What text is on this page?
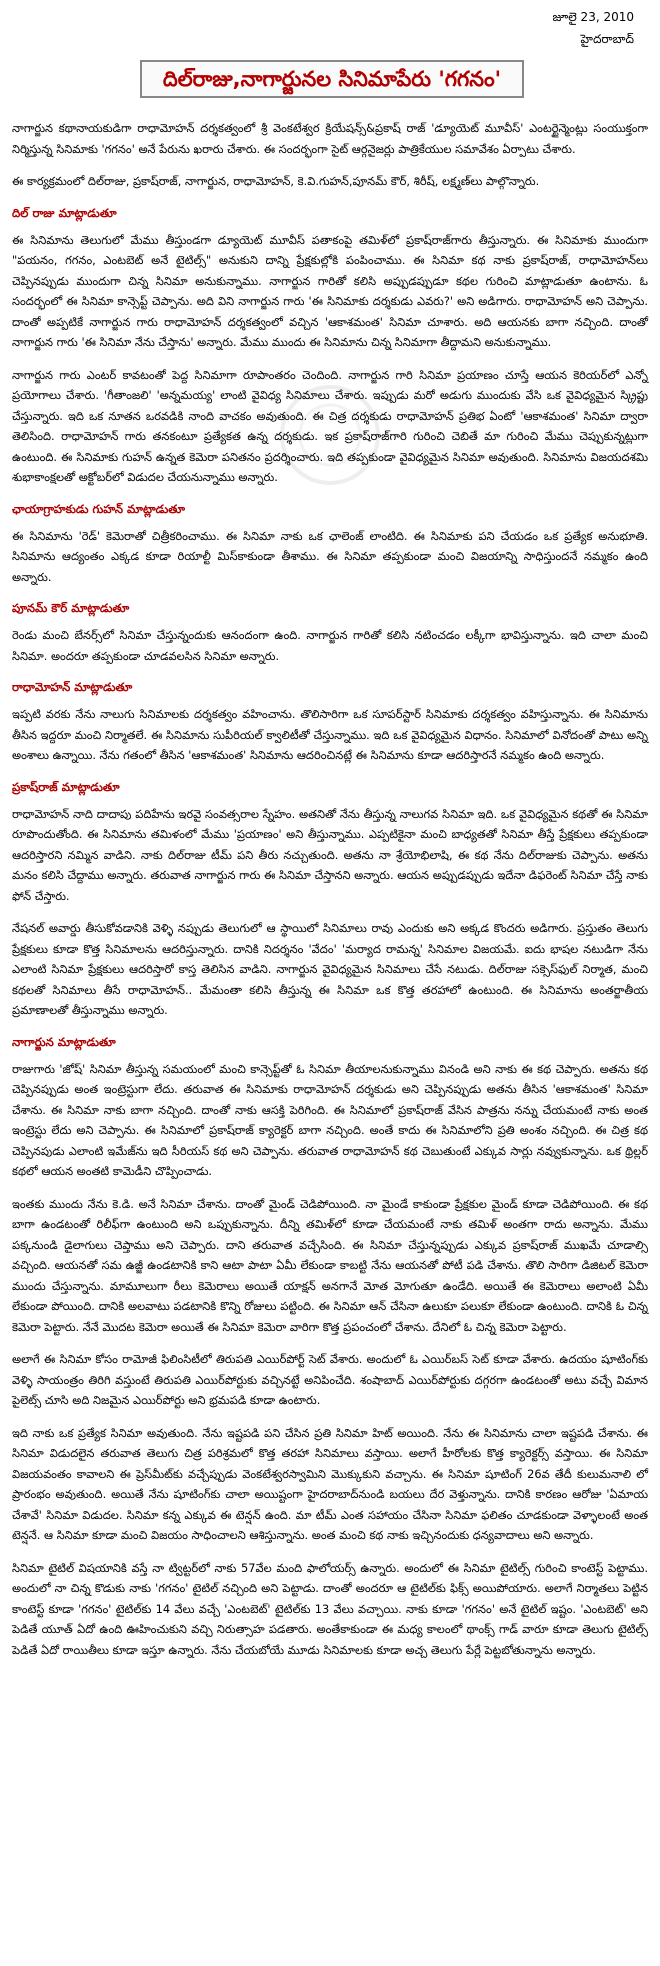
జూలై 23, 2010
హైదరాబాద్
దిల్‌రాజు,నాగార్జునల సినిమాపేరు 'గగనం'
నాగార్జున కథానాయకుడిగా రాధామోహన్ దర్శకత్వంలో శ్రీ వెంకటేశ్వర క్రియేషన్స్&ప్రకాష్ రాజ్ 'డ్యూయెట్ మూవీస్' ఎంటర్టైన్మెంట్లు సంయుక్తంగా నిర్మిస్తున్న సినిమాకు 'గగనం' అనే పేరును ఖరారు చేశారు. ఈ సందర్భంగా సైట్ ఆర్గనైజర్లు పాత్రికేయుల సమావేశం ఏర్పాటు చేశారు.
ఈ కార్యక్రమంలో దిల్‌రాజు, ప్రకాష్‌రాజ్, నాగార్జున, రాధామోహన్, కె.వి.గుహన్,పూనమ్ కౌర్, శిరీష్, లక్ష్మణ్‌లు పాల్గొన్నారు.
దిల్ రాజు మాట్లాడుతూ
ఈ సినిమాను తెలుగులో మేము తీస్తుండగా డ్యూయెట్ మూవీస్ పతాకంపై తమిళ్‌లో ప్రకాష్‌రాజ్‌గారు తీస్తున్నారు. ఈ సినిమాకు ముందుగా "పయనం, గగనం, ఎంటబెట్ అనే టైటిల్స్" అనుకుని దాన్ని ప్రేక్షకుల్లోకి పంపించాము. ఈ సినిమా కథ నాకు ప్రకాష్‌రాజ్, రాధామోహన్‌లు చెప్పినప్పుడు ముందుగా చిన్న సినిమా అనుకున్నాము. నాగార్జున గారితో కలిసి అప్పుడప్పుడూ కథల గురించి మాట్లాడుతూ ఉంటాను. ఓ సందర్భంలో ఈ సినిమా కాన్సెప్ట్ చెప్పాను. అది విని నాగార్జున గారు 'ఈ సినిమాకు దర్శకుడు ఎవరు?' అని అడిగారు. రాధామోహన్ అని చెప్పాను. దాంతో అప్పటికే నాగార్జున గారు రాధామోహన్ దర్శకత్వంలో వచ్చిన 'ఆకాశమంత' సినిమా చూశారు. అది ఆయనకు బాగా నచ్చింది. దాంతో నాగార్జున గారు 'ఈ సినిమా నేను చేస్తాను' అన్నారు. మేము ముందు ఈ సినిమాను చిన్న సినిమాగా తీద్దామని అనుకున్నాము.
నాగార్జున గారు ఎంటర్ కావటంతో పెద్ద సినిమాగా రూపాంతరం చెందింది. నాగార్జున గారి సినిమా ప్రయాణం చూస్తే ఆయన కెరియర్‌లో ఎన్నో ప్రయోగాలు చేశారు. 'గీతాంజలి' 'అన్నమయ్య' లాంటి వైవిధ్య సినిమాలు చేశారు. ఇప్పుడు మరో అడుగు ముందుకు వేసి ఒక వైవిధ్యమైన స్క్రిప్టు చేస్తున్నారు. ఇది ఒక నూతన ఒరవడికి నాంది వాచకం అవుతుంది. ఈ చిత్ర దర్శకుడు రాధామోహన్ ప్రతిభ ఏంటో 'ఆకాశమంత' సినిమా ద్వారా తెలిసింది. రాధామోహన్ గారు తనకంటూ ప్రత్యేకత ఉన్న దర్శకుడు. ఇక ప్రకాష్‌రాజ్‌గారి గురించి చెబితే మా గురించి మేము చెప్పుకున్నట్లుగా ఉంటుంది. ఈ సినిమాకు గుహన్ ఉన్నత కెమెరా పనితనం ప్రదర్శించారు. ఇది తప్పకుండా వైవిధ్యమైన సినిమా అవుతుంది. సినిమాను విజయదశమి శుభాకాంక్షలతో అక్టోబర్‌లో విడుదల చేయనున్నాము అన్నారు.
ఛాయాగ్రాహకుడు గుహన్ మాట్లాడుతూ
ఈ సినిమాను 'రెడ్' కెమెరాతో చిత్రీకరించాము. ఈ సినిమా నాకు ఒక ఛాలెంజ్ లాంటిది. ఈ సినిమాకు పని చేయడం ఒక ప్రత్యేక అనుభూతి. సినిమాను ఆద్యంతం ఎక్కడ కూడా రియాల్టీ మిస్‌కాకుండా తీశాము. ఈ సినిమా తప్పకుండా మంచి విజయాన్ని సాధిస్తుందనే నమ్మకం ఉంది అన్నారు.
పూనమ్ కౌర్ మాట్లాడుతూ
రెండు మంచి బేనర్స్‌లో సినిమా చేస్తున్నందుకు ఆనందంగా ఉంది. నాగార్జున గారితో కలిసి నటించడం లక్కీగా భావిస్తున్నాను. ఇది చాలా మంచి సినిమా. అందరూ తప్పకుండా చూడవలసిన సినిమా అన్నారు.
రాధామోహన్ మాట్లాడుతూ
ఇప్పటి వరకు నేను నాలుగు సినిమాలకు దర్శకత్వం వహించాను. తొలిసారిగా ఒక సూపర్‌స్టార్ సినిమాకు దర్శకత్వం వహిస్తున్నాను. ఈ సినిమాను తీసిన ఇద్దరూ మంచి నిర్మాతలే. ఈ సినిమాను సుపీరియల్ క్వాలిటీతో చేస్తున్నాము. ఇది ఒక వైవిధ్యమైన విధానం. సినిమాలో వినోదంతో పాటు అన్ని అంశాలు ఉన్నాయి. నేను గతంలో తీసిన 'ఆకాశమంత' సినిమాను ఆదరించినట్లే ఈ సినిమాను కూడా ఆదరిస్తారనే నమ్మకం ఉంది అన్నారు.
ప్రకాష్‌రాజ్ మాట్లాడుతూ
రాధామోహన్ నాది దాదాపు పదిహేను ఇరవై సంవత్సరాల స్నేహం. అతనితో నేను తీస్తున్న నాలుగవ సినిమా ఇది. ఒక వైవిధ్యమైన కథతో ఈ సినిమా రూపొందుతోంది. ఈ సినిమాను తమిళంలో మేము 'ప్రయాణం' అని తీస్తున్నాము. ఎప్పటికైనా మంచి బాధ్యతతో సినిమా తీస్తే ప్రేక్షకులు తప్పకుండా ఆదరిస్తారని నమ్మిన వాడిని. నాకు దిల్‌రాజు టీమ్ పని తీరు నచ్చుతుంది. అతను నా శ్రేయోభిలాషి, ఈ కథ నేను దిల్‌రాజుకు చెప్పాను. అతను మనం కలిసి చేద్దాము అన్నారు. తరువాత నాగార్జున గారు ఈ సినిమా చేస్తానని అన్నారు. ఆయన అప్పుడప్పుడు ఇదేనా డిఫరెంట్ సినిమా చేస్తే నాకు ఫోన్ చేస్తారు.
నేషనల్ అవార్డు తీసుకోవడానికి వెళ్ళి నప్పుడు తెలుగులో ఆ స్థాయిలో సినిమాలు రావు ఎందుకు అని అక్కడ కొందరు అడిగారు. ప్రస్తుతం తెలుగు ప్రేక్షకులు కూడా కొత్త సినిమాలను ఆదరిస్తున్నారు. దానికి నిదర్శనం 'వేదం' 'మర్యాద రామన్న' సినిమాల విజయమే. ఐదు భాషల నటుడిగా నేను ఎలాంటి సినిమా ప్రేక్షకులు ఆదరిస్తారో కాస్త తెలిసిన వాడిని. నాగార్జున వైవిధ్యమైన సినిమాలు చేసే నటుడు. దిల్‌రాజు సక్సెస్‌ఫుల్ నిర్మాత, మంచి కథలతో సినిమాలు తీసే రాధామోహన్.. మేమంతా కలిసి తీస్తున్న ఈ సినిమా ఒక కొత్త తరహాలో ఉంటుంది. ఈ సినిమాను అంతర్జాతీయ ప్రమాణాలతో తీస్తున్నాము అన్నారు.
నాగార్జున మాట్లాడుతూ
రాజుగారు 'జోష్' సినిమా తీస్తున్న సమయంలో మంచి కాన్సెప్ట్‌తో ఓ సినిమా తీయాలనుకున్నాము వినండి అని నాకు ఈ కథ చెప్పారు. అతను కథ చెప్పినప్పుడు అంత ఇంట్రెస్టుగా లేదు. తరువాత ఈ సినిమాకు రాధామోహన్ దర్శకుడు అని చెప్పినప్పుడు అతను తీసిన 'ఆకాశమంత' సినిమా చేశాను. ఈ సినిమా నాకు బాగా నచ్చింది. దాంతో నాకు ఆసక్తి పెరిగింది. ఈ సినిమాలో ప్రకాష్‌రాజ్ వేసిన పాత్రను నన్ను చేయమంటే నాకు అంత ఇంట్రెస్టు లేదు అని చెప్పాను. ఈ సినిమాలో ప్రకాష్‌రాజ్ క్యారెక్టర్ బాగా నచ్చింది. అంతే కాదు ఈ సినిమాలోని ప్రతి అంశం నచ్చింది. ఈ చిత్ర కథ చెప్పినపుడు ఎలాంటి ఇమేజ్‌ను ఇది సీరియస్ కథ అని చెప్పాను. తరువాత రాధామోహన్ కథ చెబుతుంటే ఎక్కువ సార్లు నవ్వుకున్నాను. ఒక థ్రిల్లర్ కథలో ఆయన అంతటి కామెడీని చొప్పించాడు.
ఇంతకు ముందు నేను కె.డి. అనే సినిమా చేశాను. దాంతో మైండ్ చెడిపోయింది. నా మైండే కాకుండా ప్రేక్షకుల మైండ్ కూడా చెడిపోయింది. ఈ కథ బాగా ఉండటంతో రిలీఫ్‌గా ఉంటుంది అని ఒప్పుకున్నాను. దీన్ని తమిళ్‌లో కూడా చేయమంటే నాకు తమిళ్ అంతగా రాదు అన్నాను. మేము పక్కనుండి డైలాగులు చెప్తాము అని చెప్పారు. దాని తరువాత వచ్చేసింది. ఈ సినిమా చేస్తున్నప్పుడు ఎక్కువ ప్రకాష్‌రాజ్ ముఖమే చూడాల్సి వచ్చింది. ఆయనతో సమ ఉజ్జీ ఉండటానికి కాని ఆటా పాటా ఏమీ లేకుండా కాబట్టి నేను ఆయనతో పోటీ పడి చేశాను. తొలి సారిగా డిజిటల్ కెమెరా ముందు చేస్తున్నాను. మామూలుగా రీలు కెమెరాలు అయితే యాక్షన్ అనగానే మోత మోగుతూ ఉండేది. అయితే ఈ కెమెరాలు అలాంటి ఏమీ లేకుండా పోయింది. దానికి అలవాటు పడటానికి కొన్ని రోజులు పట్టింది. ఈ సినిమా ఆన్ చేసినా ఉలుకూ పలుకూ లేకుండా ఉంటుంది. దానికి ఓ చిన్న కెమెరా పెట్టారు. నేనే మొదట కెమెరా అయితే ఈ సినిమా కెమెరా వారిగా కొత్త ప్రపంచంలో చేశాను. దేనిలో ఓ చిన్న కెమెరా పెట్టారు.
అలాగే ఈ సినిమా కోసం రామోజీ ఫిలింసిటీలో తిరుపతి ఎయిర్‌పోర్ట్ సెట్ వేశారు. అందులో ఓ ఎయిర్‌బస్ సెట్ కూడా వేశారు. ఉదయం షూటింగ్‌కు వెళ్ళి సాయంత్రం తిరిగి వస్తుంటే తిరుపతి ఎయిర్‌పోర్టుకు వచ్చినట్టే అనిపించేది. శంషాబాద్ ఎయిర్‌పోర్టుకు దగ్గరగా ఉండటంతో అటు వచ్చే విమాన పైలెట్స్ చూసి అది నిజమైన ఎయిర్‌పోర్టు అని భ్రమపడి కూడా ఉంటారు.
ఇది నాకు ఒక ప్రత్యేక సినిమా అవుతుంది. నేను ఇష్టపడి పని చేసిన ప్రతి సినిమా హిట్ అయింది. నేను ఈ సినిమాను చాలా ఇష్టపడి చేశాను. ఈ సినిమా విడుదలైన తరువాత తెలుగు చిత్ర పరిశ్రమలో కొత్త తరహా సినిమాలు వస్తాయి. అలాగే హీరోలకు కొత్త క్యారెక్టర్స్ వస్తాయి. ఈ సినిమా విజయవంతం కావాలని ఈ ప్రెస్‌మీట్‌కు వచ్చేప్పుడు వెంకటేశ్వరస్వామిని మొక్కుకుని వచ్చాను. ఈ సినిమా షూటింగ్ 26వ తేదీ కులుమనాలి లో ప్రారంభం అవుతుంది. అయితే నేను షూటింగ్‌కు చాలా అయిష్టంగా హైదరాబాద్‌నుండి బయలు దేర వెళ్తున్నాను. దానికి కారణం ఆరోజు 'ఏమాయ చేశావే' సినిమా విడుదల. సినిమా కన్న ఎక్కువ ఈ టెన్షన్ ఉంది. మా టీమ్ ఎంత సహాయం చేసినా సినిమా ఫలితం చూడకుండా వెళ్ళాలంటే అంత టెన్షనే. ఆ సినిమా కూడా మంచి విజయం సాధించాలని ఆశిస్తున్నాను. అంత మంచి కథ నాకు ఇచ్చినందుకు ధన్యవాదాలు అని అన్నారు.
సినిమా టైటిల్ విషయానికి వస్తే నా ట్విట్టర్‌లో నాకు 57వేల మంది ఫాలోయర్స్ ఉన్నారు. అందులో ఈ సినిమా టైటిల్స్ గురించి కాంటెస్ట్ పెట్టాము. అందులో నా చిన్న కొడుకు నాకు 'గగనం' టైటిల్ నచ్చింది అని పెట్టాడు. దాంతో అందరూ ఆ టైటిల్‌కు ఫిక్స్ అయిపోయారు. అలాగే నిర్మాతలు పెట్టిన కాంటెస్ట్ కూడా 'గగనం' టైటిల్‌కు 14 వేలు వచ్చే 'ఎంటబెట్' టైటిల్‌కు 13 వేలు వచ్చాయి. నాకు కూడా 'గగనం' అనే టైటిల్ ఇష్టం. 'ఎంటబెట్' అని పెడితే యూత్ ఏదో ఉంది ఊహించుకుని వచ్చి నిరుత్సాహ పడతారు. అంతేకాకుండా ఈ మధ్య కాలంలో థాంక్స్ గాడ్ వారూ కూడా తెలుగు టైటిల్స్ పెడితే ఏదో రాయితీలు కూడా ఇస్తూ ఉన్నారు. నేను చేయబోయే మూడు సినిమాలకు కూడా అచ్చ తెలుగు పేర్లే పెట్టబోతున్నాను అన్నారు.
